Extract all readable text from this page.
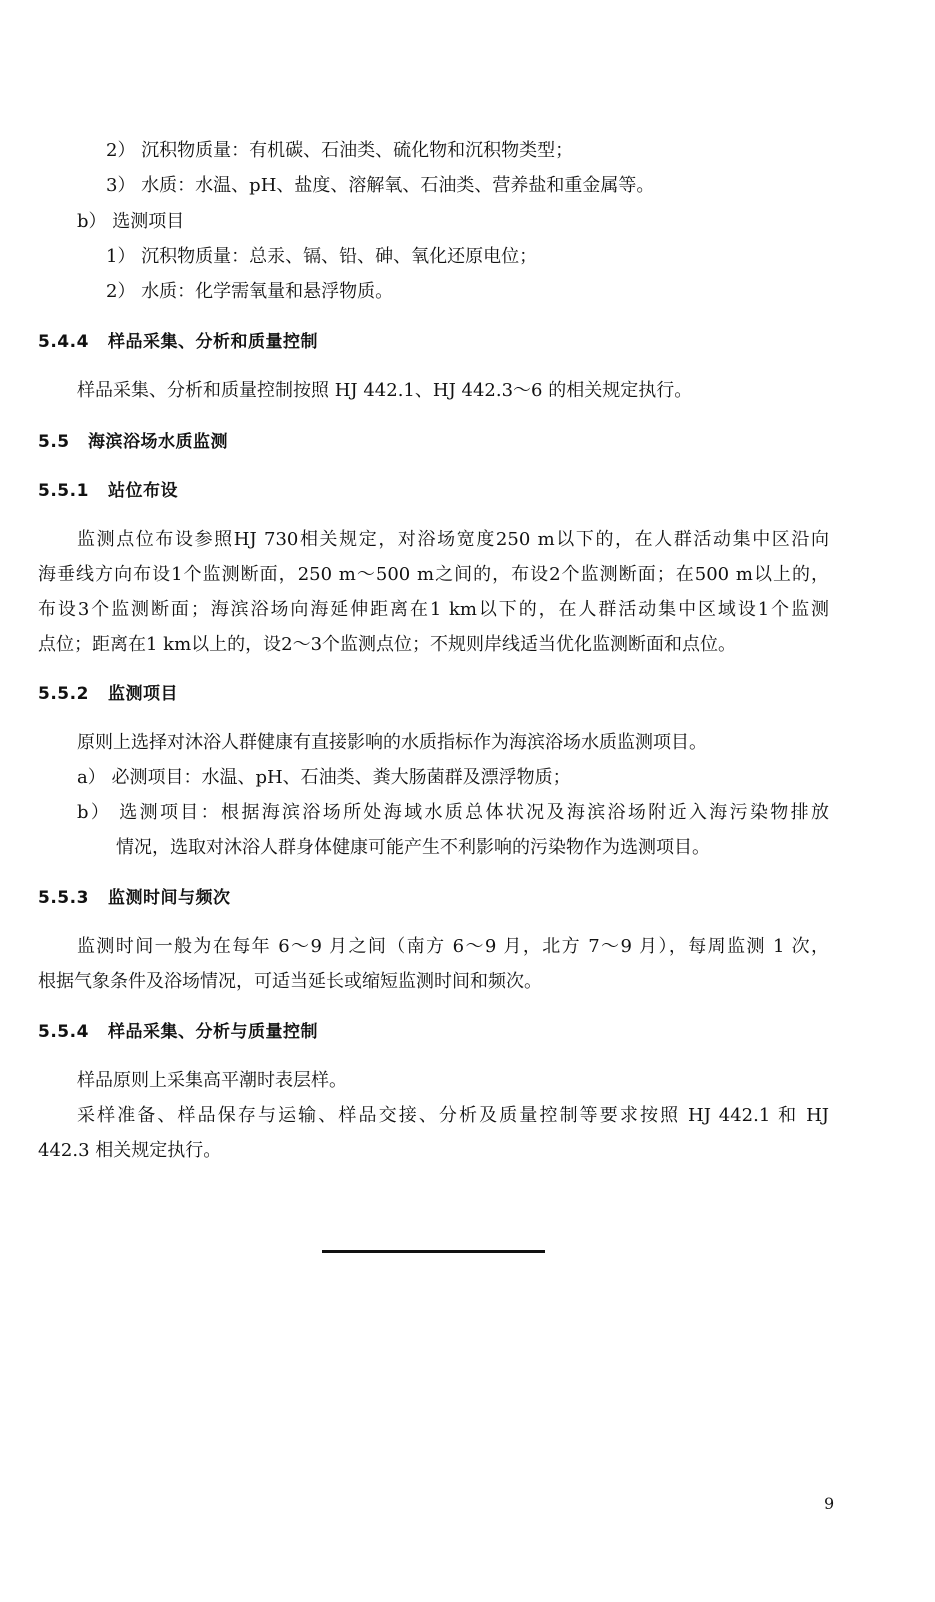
2） 沉积物质量：有机碳、石油类、硫化物和沉积物类型；
3） 水质：水温、pH、盐度、溶解氧、石油类、营养盐和重金属等。
b） 选测项目
1） 沉积物质量：总汞、镉、铅、砷、氧化还原电位；
2） 水质：化学需氧量和悬浮物质。
5.4.4 样品采集、分析和质量控制
样品采集、分析和质量控制按照 HJ 442.1、HJ 442.3～6 的相关规定执行。
5.5 海滨浴场水质监测
5.5.1 站位布设
监测点位布设参照HJ 730相关规定，对浴场宽度250 m以下的，在人群活动集中区沿向
海垂线方向布设1个监测断面，250 m～500 m之间的，布设2个监测断面；在500 m以上的，
布设3个监测断面；海滨浴场向海延伸距离在1 km以下的，在人群活动集中区域设1个监测
点位；距离在1 km以上的，设2～3个监测点位；不规则岸线适当优化监测断面和点位。
5.5.2 监测项目
原则上选择对沐浴人群健康有直接影响的水质指标作为海滨浴场水质监测项目。
a） 必测项目：水温、pH、石油类、粪大肠菌群及漂浮物质；
b） 选测项目：根据海滨浴场所处海域水质总体状况及海滨浴场附近入海污染物排放
情况，选取对沐浴人群身体健康可能产生不利影响的污染物作为选测项目。
5.5.3 监测时间与频次
监测时间一般为在每年 6～9 月之间（南方 6～9 月，北方 7～9 月），每周监测 1 次，
根据气象条件及浴场情况，可适当延长或缩短监测时间和频次。
5.5.4 样品采集、分析与质量控制
样品原则上采集高平潮时表层样。
采样准备、样品保存与运输、样品交接、分析及质量控制等要求按照 HJ 442.1 和 HJ
442.3 相关规定执行。
9
